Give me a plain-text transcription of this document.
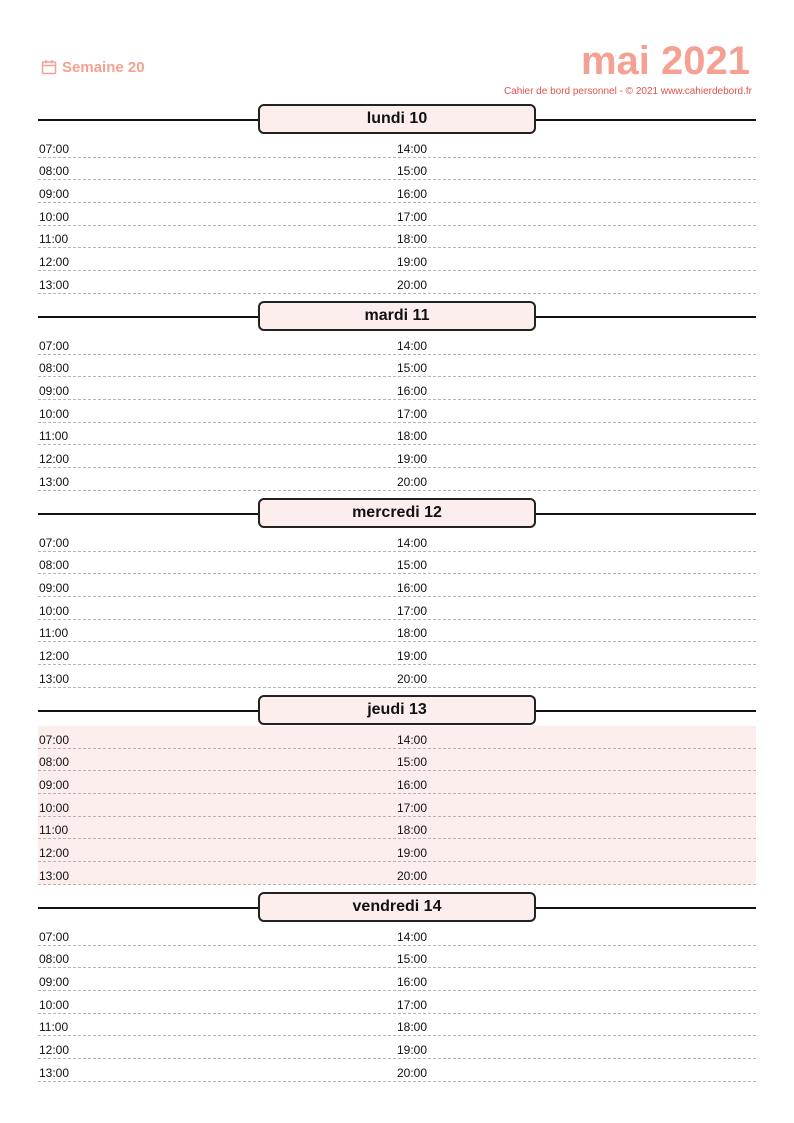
Semaine 20	mai 2021
Cahier de bord personnel - © 2021 www.cahierdebord.fr
lundi 10
07:00	14:00
08:00	15:00
09:00	16:00
10:00	17:00
11:00	18:00
12:00	19:00
13:00	20:00
mardi 11
07:00	14:00
08:00	15:00
09:00	16:00
10:00	17:00
11:00	18:00
12:00	19:00
13:00	20:00
mercredi 12
07:00	14:00
08:00	15:00
09:00	16:00
10:00	17:00
11:00	18:00
12:00	19:00
13:00	20:00
jeudi 13
07:00	14:00
08:00	15:00
09:00	16:00
10:00	17:00
11:00	18:00
12:00	19:00
13:00	20:00
vendredi 14
07:00	14:00
08:00	15:00
09:00	16:00
10:00	17:00
11:00	18:00
12:00	19:00
13:00	20:00
